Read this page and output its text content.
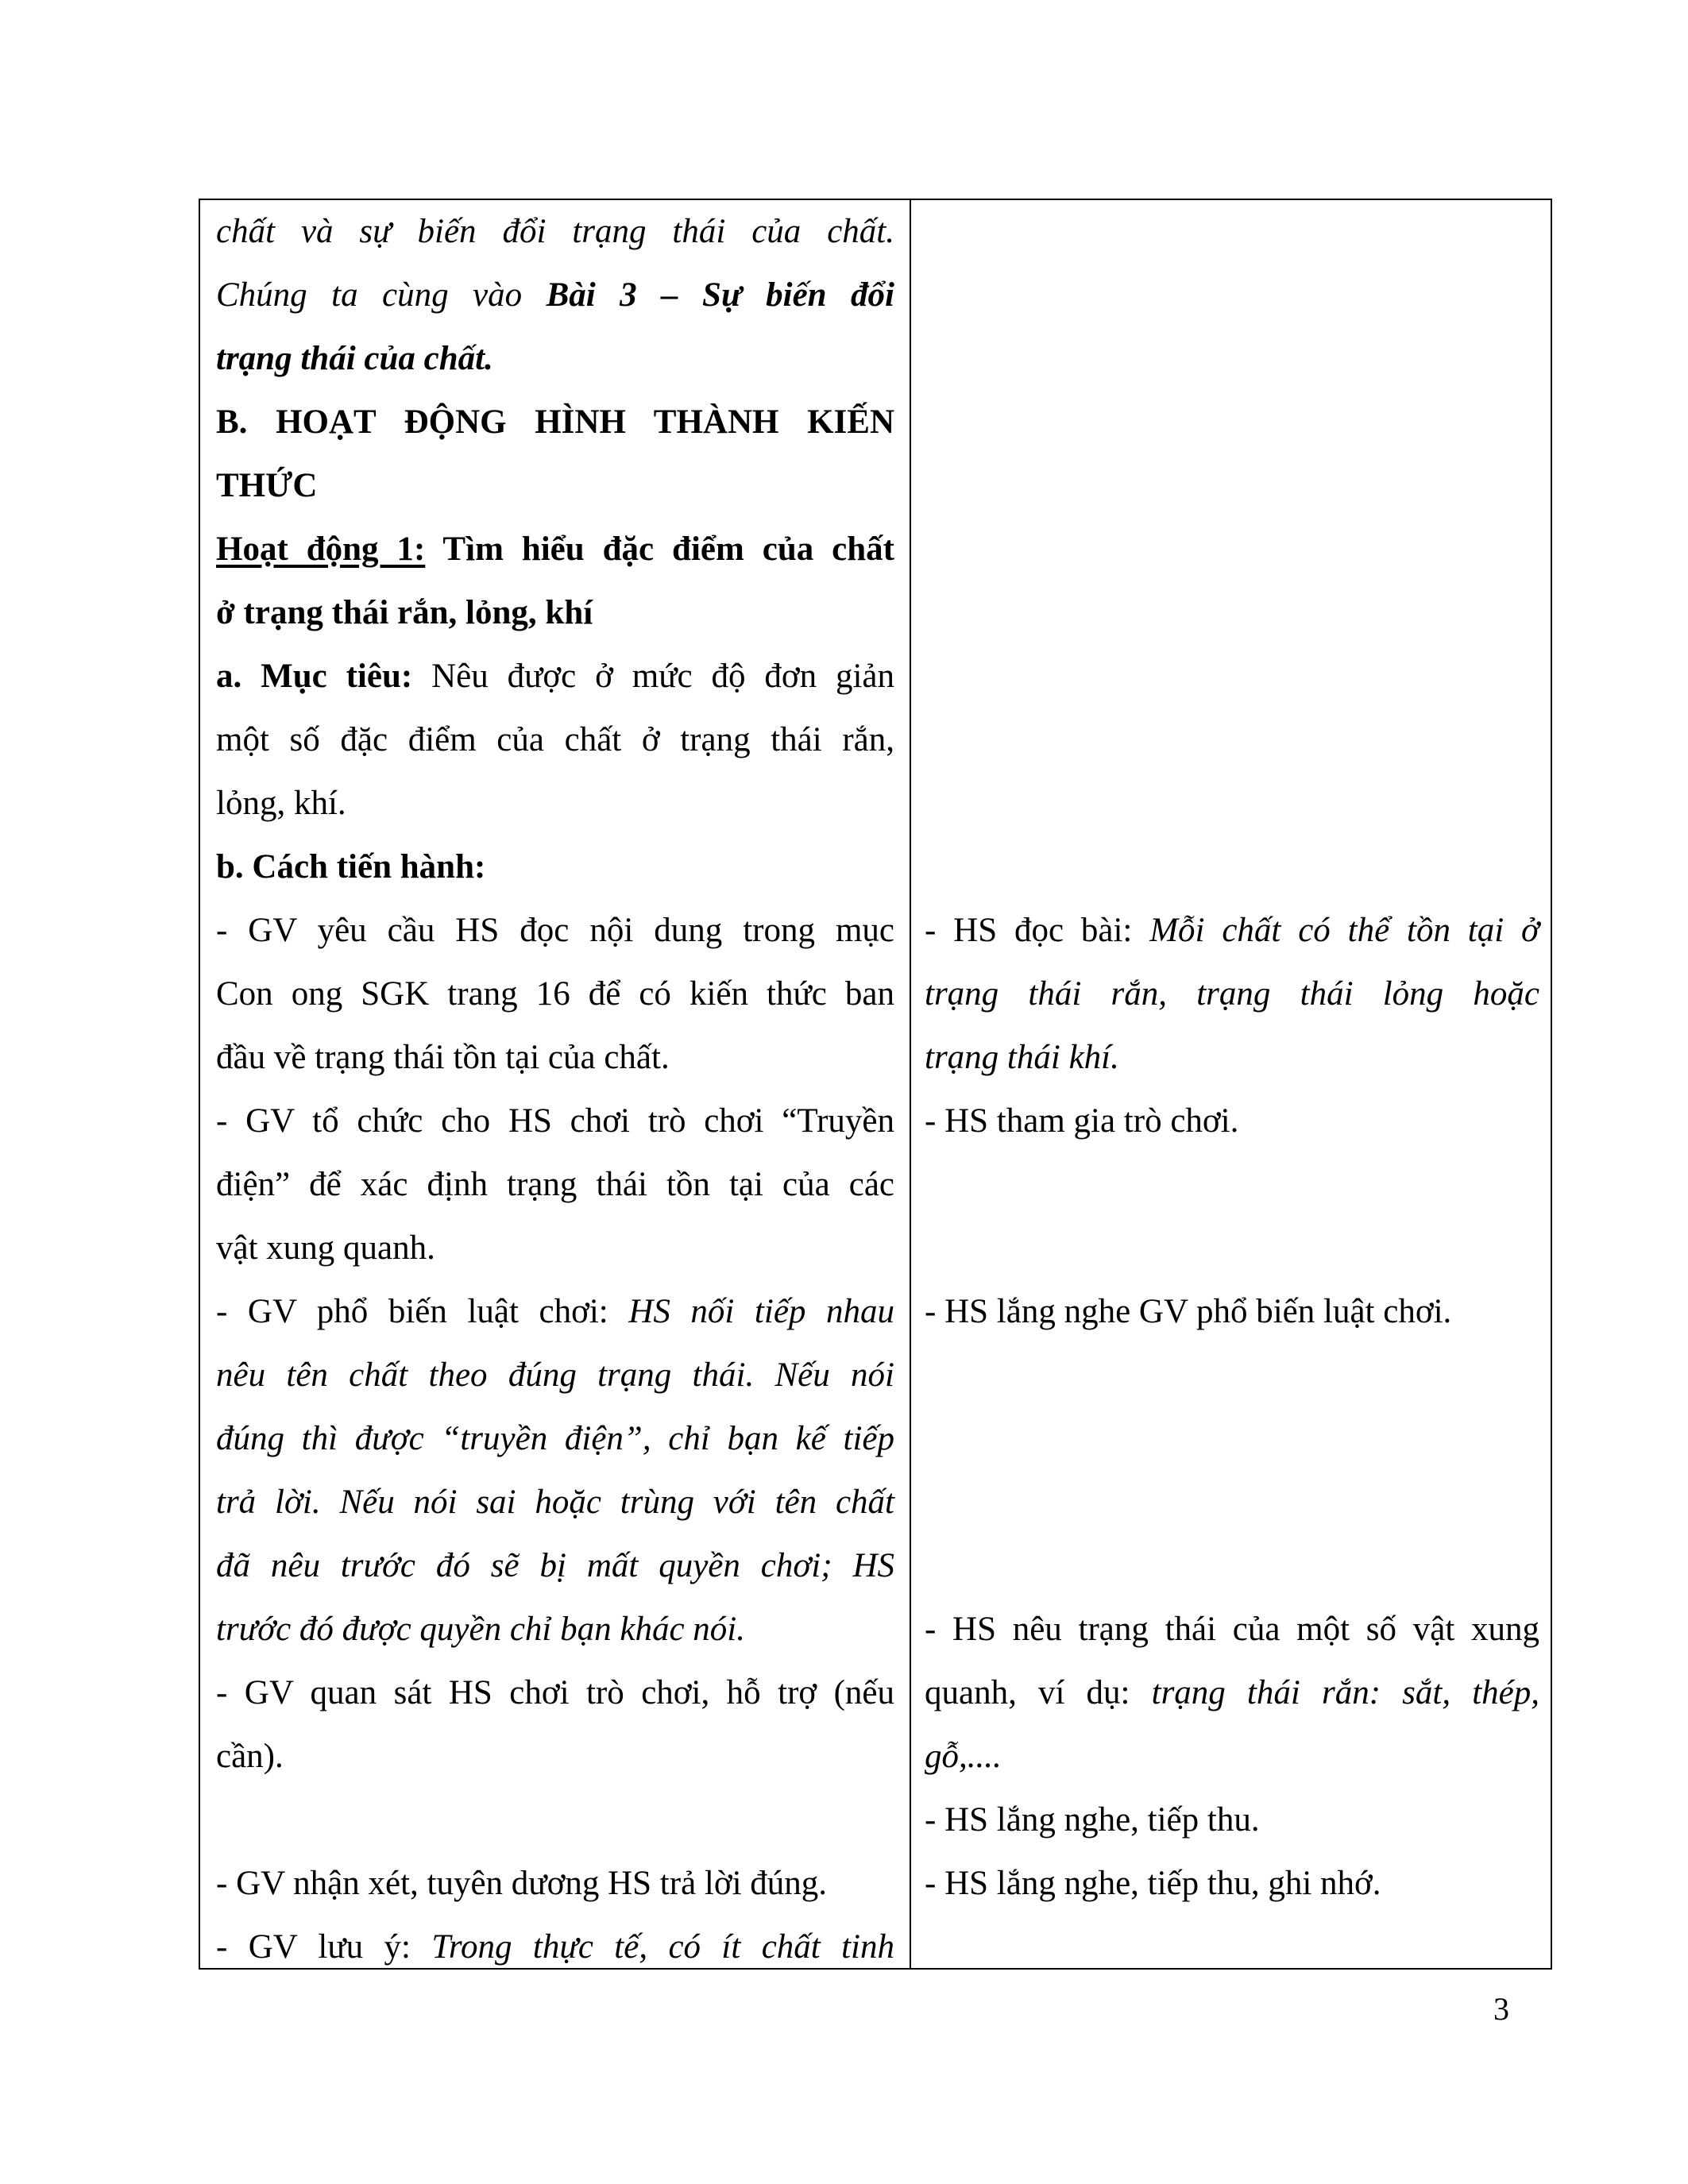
chất và sự biến đổi trạng thái của chất.
Chúng ta cùng vào Bài 3 – Sự biến đổi
trạng thái của chất.
B. HOẠT ĐỘNG HÌNH THÀNH KIẾN
THỨC
Hoạt động 1: Tìm hiểu đặc điểm của chất
ở trạng thái rắn, lỏng, khí
a. Mục tiêu: Nêu được ở mức độ đơn giản
một số đặc điểm của chất ở trạng thái rắn,
lỏng, khí.
b. Cách tiến hành:
- GV yêu cầu HS đọc nội dung trong mục
Con ong SGK trang 16 để có kiến thức ban
đầu về trạng thái tồn tại của chất.
- GV tổ chức cho HS chơi trò chơi “Truyền
điện” để xác định trạng thái tồn tại của các
vật xung quanh.
- GV phổ biến luật chơi: HS nối tiếp nhau
nêu tên chất theo đúng trạng thái. Nếu nói
đúng thì được “truyền điện”, chỉ bạn kế tiếp
trả lời. Nếu nói sai hoặc trùng với tên chất
đã nêu trước đó sẽ bị mất quyền chơi; HS
trước đó được quyền chỉ bạn khác nói.
- GV quan sát HS chơi trò chơi, hỗ trợ (nếu
cần).
- GV nhận xét, tuyên dương HS trả lời đúng.
- GV lưu ý: Trong thực tế, có ít chất tinh
- HS đọc bài: Mỗi chất có thể tồn tại ở
trạng thái rắn, trạng thái lỏng hoặc
trạng thái khí.
- HS tham gia trò chơi.
- HS lắng nghe GV phổ biến luật chơi.
- HS nêu trạng thái của một số vật xung
quanh, ví dụ: trạng thái rắn: sắt, thép,
gỗ,....
- HS lắng nghe, tiếp thu.
- HS lắng nghe, tiếp thu, ghi nhớ.
3
